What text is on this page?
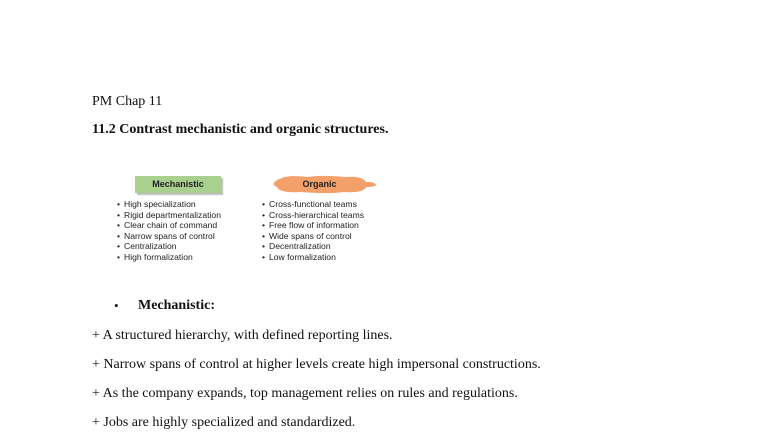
PM Chap 11
11.2 Contrast mechanistic and organic structures.
Mechanistic
• High specialization
• Rigid departmentalization
• Clear chain of command
• Narrow spans of control
• Centralization
• High formalization
Organic
• Cross-functional teams
• Cross-hierarchical teams
• Free flow of information
• Wide spans of control
• Decentralization
• Low formalization
• Mechanistic:
+ A structured hierarchy, with defined reporting lines.
+ Narrow spans of control at higher levels create high impersonal constructions.
+ As the company expands, top management relies on rules and regulations.
+ Jobs are highly specialized and standardized.
